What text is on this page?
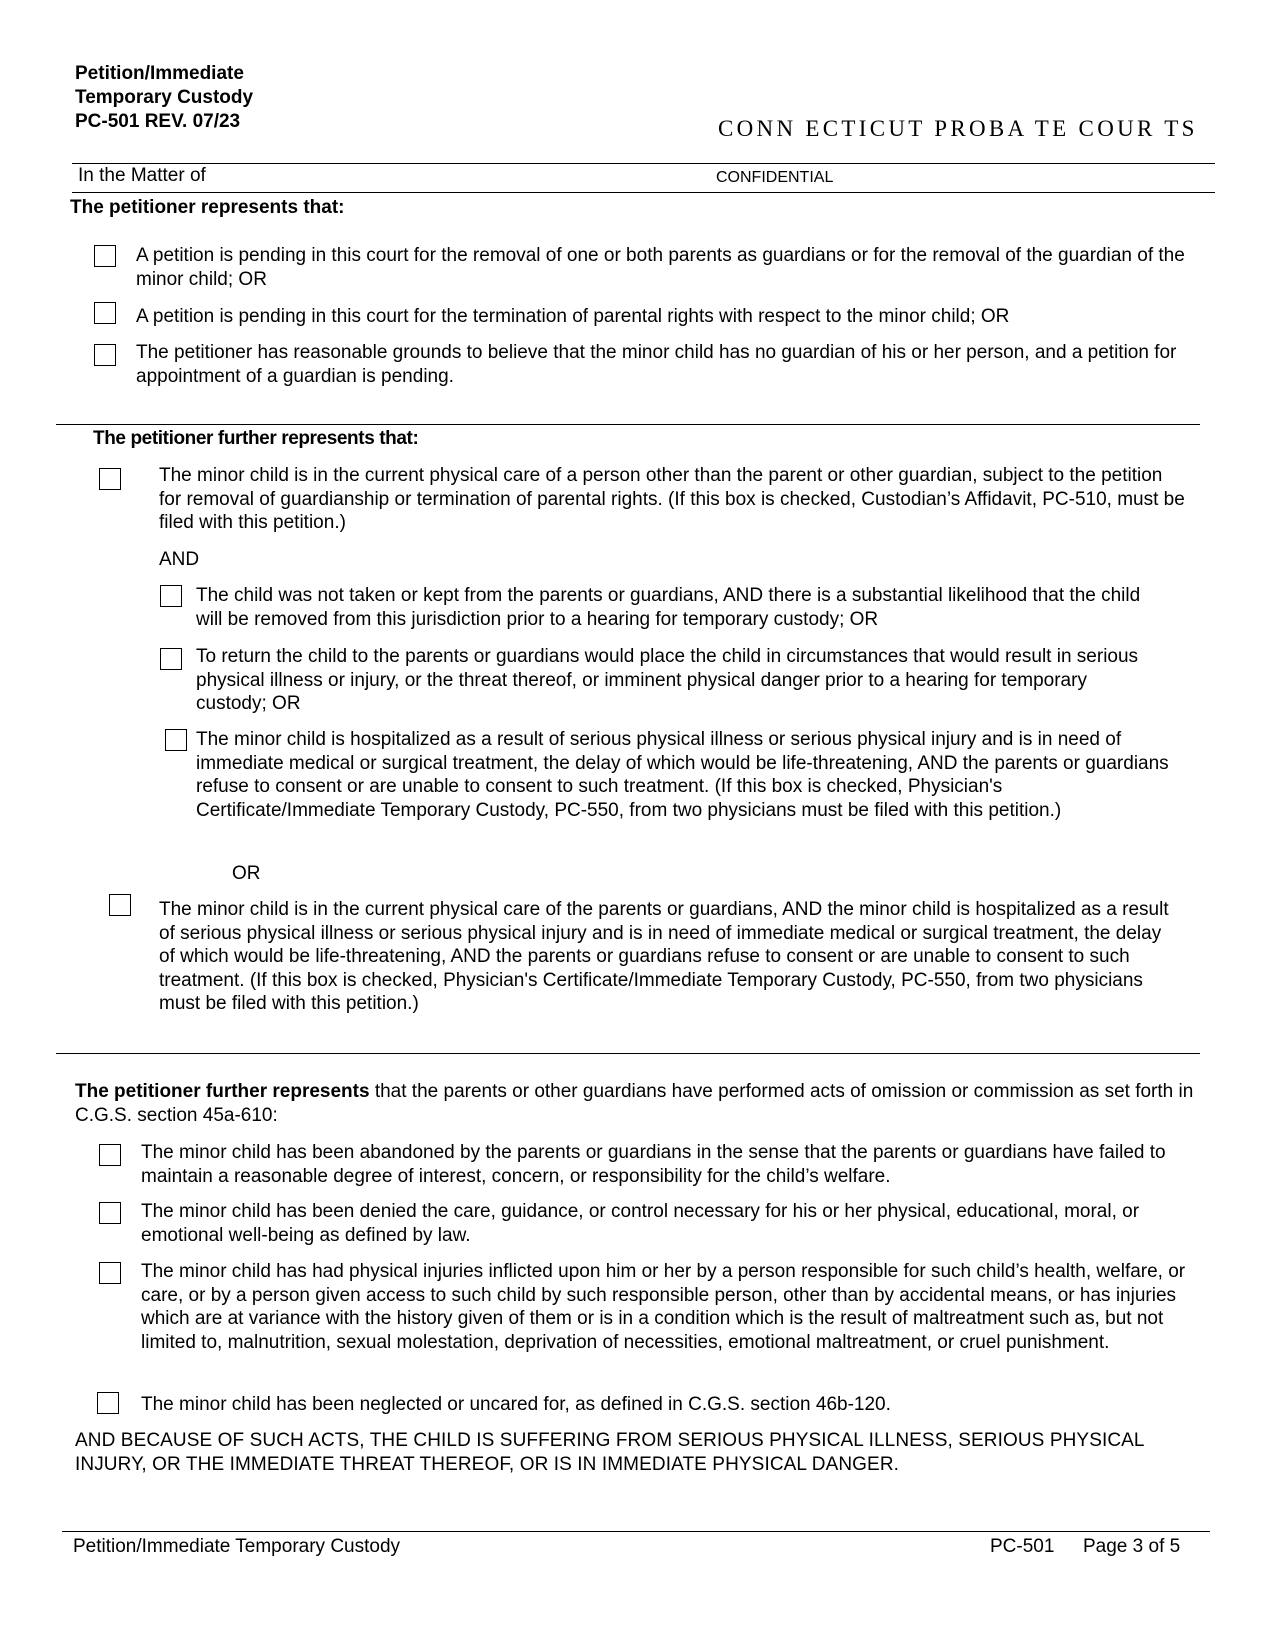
Petition/Immediate
Temporary Custody
PC-501 REV. 07/23	CONN ECTICUT PROBA TE COUR TS
In the Matter of	CONFIDENTIAL
The petitioner represents that:
A petition is pending in this court for the removal of one or both parents as guardians or for the removal of the guardian of the minor child; OR
A petition is pending in this court for the termination of parental rights with respect to the minor child; OR
The petitioner has reasonable grounds to believe that the minor child has no guardian of his or her person, and a petition for appointment of a guardian is pending.
The petitioner further represents that:
The minor child is in the current physical care of a person other than the parent or other guardian, subject to the petition for removal of guardianship or termination of parental rights. (If this box is checked, Custodian’s Affidavit, PC-510, must be filed with this petition.)
AND
The child was not taken or kept from the parents or guardians, AND there is a substantial likelihood that the child will be removed from this jurisdiction prior to a hearing for temporary custody; OR
To return the child to the parents or guardians would place the child in circumstances that would result in serious physical illness or injury, or the threat thereof, or imminent physical danger prior to a hearing for temporary custody; OR
The minor child is hospitalized as a result of serious physical illness or serious physical injury and is in need of immediate medical or surgical treatment, the delay of which would be life-threatening, AND the parents or guardians refuse to consent or are unable to consent to such treatment. (If this box is checked, Physician's Certificate/Immediate Temporary Custody, PC-550, from two physicians must be filed with this petition.)
OR
The minor child is in the current physical care of the parents or guardians, AND the minor child is hospitalized as a result of serious physical illness or serious physical injury and is in need of immediate medical or surgical treatment, the delay of which would be life-threatening, AND the parents or guardians refuse to consent or are unable to consent to such treatment. (If this box is checked, Physician's Certificate/Immediate Temporary Custody, PC-550, from two physicians must be filed with this petition.)
The petitioner further represents that the parents or other guardians have performed acts of omission or commission as set forth in C.G.S. section 45a-610:
The minor child has been abandoned by the parents or guardians in the sense that the parents or guardians have failed to maintain a reasonable degree of interest, concern, or responsibility for the child’s welfare.
The minor child has been denied the care, guidance, or control necessary for his or her physical, educational, moral, or emotional well-being as defined by law.
The minor child has had physical injuries inflicted upon him or her by a person responsible for such child’s health, welfare, or care, or by a person given access to such child by such responsible person, other than by accidental means, or has injuries which are at variance with the history given of them or is in a condition which is the result of maltreatment such as, but not limited to, malnutrition, sexual molestation, deprivation of necessities, emotional maltreatment, or cruel punishment.
The minor child has been neglected or uncared for, as defined in C.G.S. section 46b-120.
AND BECAUSE OF SUCH ACTS, THE CHILD IS SUFFERING FROM SERIOUS PHYSICAL ILLNESS, SERIOUS PHYSICAL INJURY, OR THE IMMEDIATE THREAT THEREOF, OR IS IN IMMEDIATE PHYSICAL DANGER.
Petition/Immediate Temporary Custody	PC-501 Page 3 of 5
